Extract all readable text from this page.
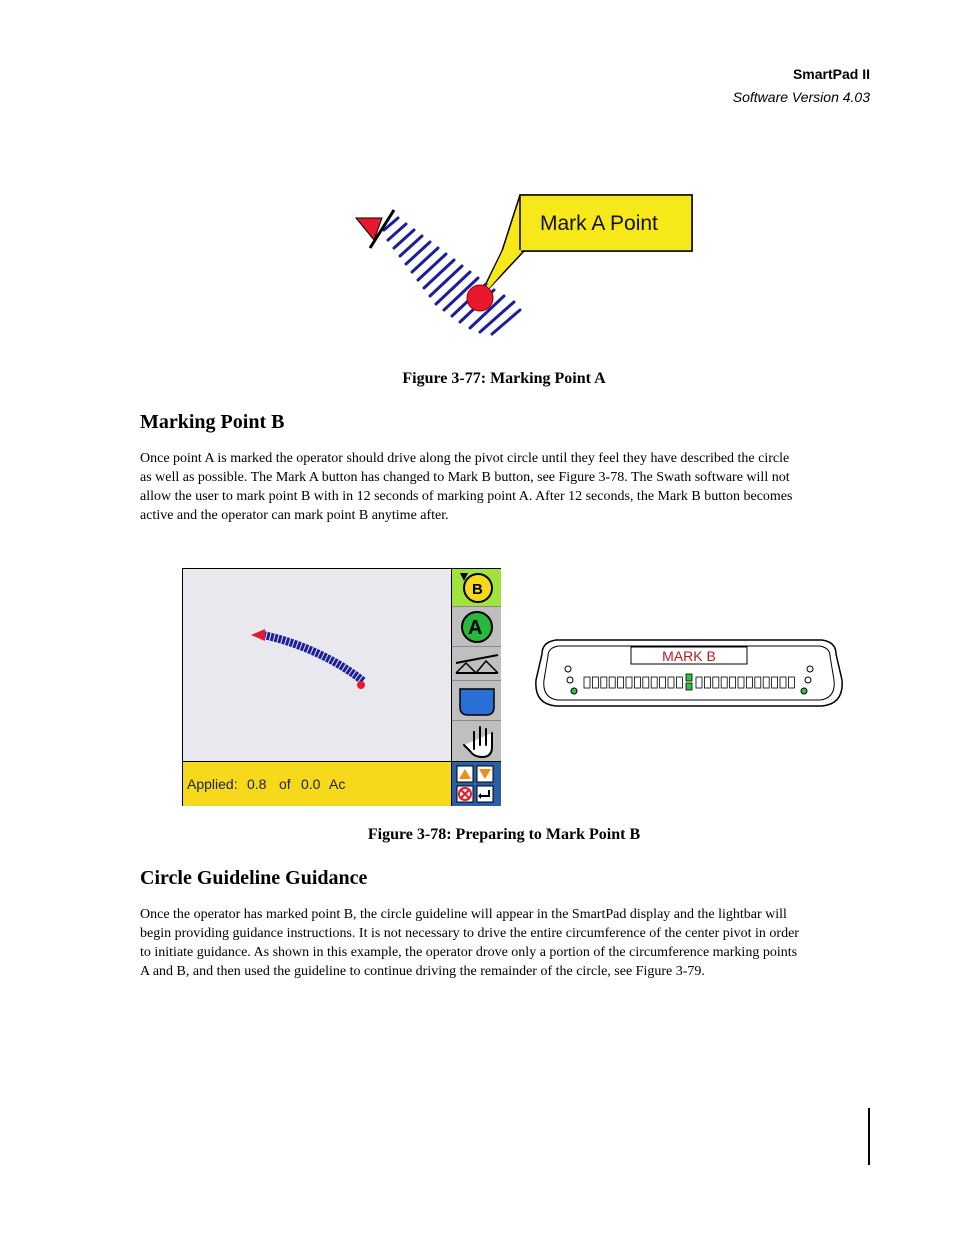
SmartPad II
Software Version 4.03
Mark A Point
Figure 3-77: Marking Point A
Marking Point B
Once point A is marked the operator should drive along the pivot circle until they feel they have described the circle
as well as possible. The Mark A button has changed to Mark B button, see Figure 3-78. The Swath software will not
allow the user to mark point B with in 12 seconds of marking point A. After 12 seconds, the Mark B button becomes
active and the operator can mark point B anytime after.
Applied: 0.8 of 0.0 Ac
B
A
MARK B
Figure 3-78: Preparing to Mark Point B
Circle Guideline Guidance
Once the operator has marked point B, the circle guideline will appear in the SmartPad display and the lightbar will
begin providing guidance instructions. It is not necessary to drive the entire circumference of the center pivot in order
to initiate guidance. As shown in this example, the operator drove only a portion of the circumference marking points
A and B, and then used the guideline to continue driving the remainder of the circle, see Figure 3-79.
